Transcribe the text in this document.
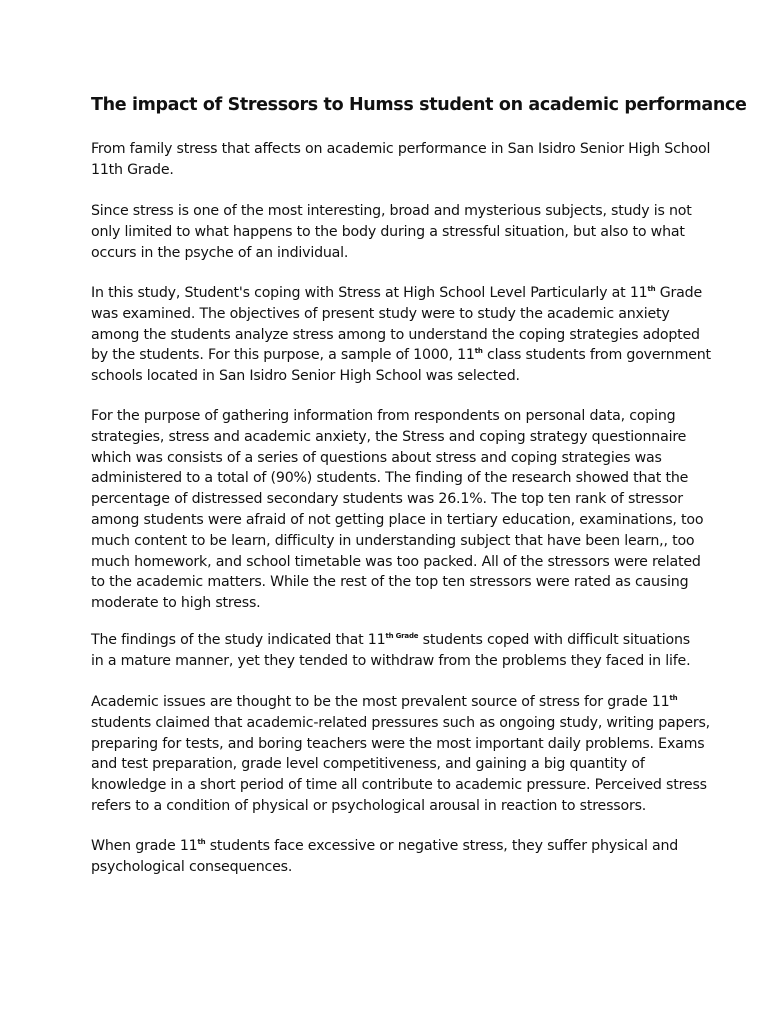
The impact of Stressors to Humss student on academic performance
From family stress that affects on academic performance in San Isidro Senior High School
11th Grade.
Since stress is one of the most interesting, broad and mysterious subjects, study is not
only limited to what happens to the body during a stressful situation, but also to what
occurs in the psyche of an individual.
In this study, Student's coping with Stress at High School Level Particularly at 11th Grade
was examined. The objectives of present study were to study the academic anxiety
among the students analyze stress among to understand the coping strategies adopted
by the students. For this purpose, a sample of 1000, 11th class students from government
schools located in San Isidro Senior High School was selected.
For the purpose of gathering information from respondents on personal data, coping
strategies, stress and academic anxiety, the Stress and coping strategy questionnaire
which was consists of a series of questions about stress and coping strategies was
administered to a total of (90%) students. The finding of the research showed that the
percentage of distressed secondary students was 26.1%. The top ten rank of stressor
among students were afraid of not getting place in tertiary education, examinations, too
much content to be learn, difficulty in understanding subject that have been learn,, too
much homework, and school timetable was too packed. All of the stressors were related
to the academic matters. While the rest of the top ten stressors were rated as causing
moderate to high stress.
The findings of the study indicated that $11^{th Grade}$ students coped with difficult situations
in a mature manner, yet they tended to withdraw from the problems they faced in life.
Academic issues are thought to be the most prevalent source of stress for grade 11th
students claimed that academic-related pressures such as ongoing study, writing papers,
preparing for tests, and boring teachers were the most important daily problems. Exams
and test preparation, grade level competitiveness, and gaining a big quantity of
knowledge in a short period of time all contribute to academic pressure. Perceived stress
refers to a condition of physical or psychological arousal in reaction to stressors.
When grade 11th students face excessive or negative stress, they suffer physical and
psychological consequences.
